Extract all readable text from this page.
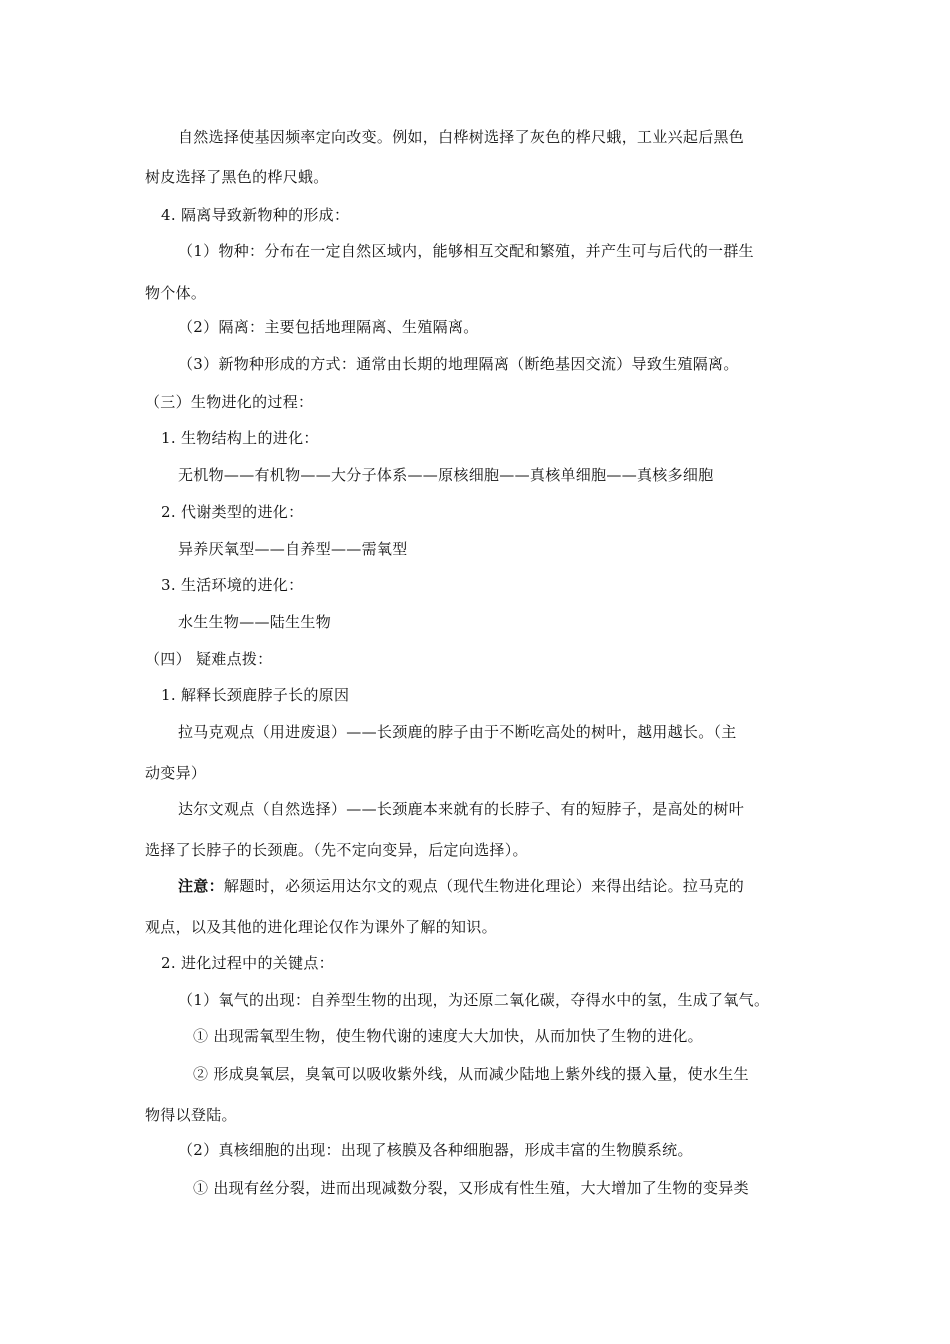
自然选择使基因频率定向改变。例如，白桦树选择了灰色的桦尺蛾，工业兴起后黑色
树皮选择了黑色的桦尺蛾。
4. 隔离导致新物种的形成：
（1）物种：分布在一定自然区域内，能够相互交配和繁殖，并产生可与后代的一群生
物个体。
（2）隔离：主要包括地理隔离、生殖隔离。
（3）新物种形成的方式：通常由长期的地理隔离（断绝基因交流）导致生殖隔离。
（三）生物进化的过程：
1. 生物结构上的进化：
无机物——有机物——大分子体系——原核细胞——真核单细胞——真核多细胞
2. 代谢类型的进化：
异养厌氧型——自养型——需氧型
3. 生活环境的进化：
水生生物——陆生生物
（四） 疑难点拨：
1. 解释长颈鹿脖子长的原因
拉马克观点（用进废退）——长颈鹿的脖子由于不断吃高处的树叶，越用越长。（主
动变异）
达尔文观点（自然选择）——长颈鹿本来就有的长脖子、有的短脖子，是高处的树叶
选择了长脖子的长颈鹿。（先不定向变异，后定向选择）。
注意：解题时，必须运用达尔文的观点（现代生物进化理论）来得出结论。拉马克的
观点，以及其他的进化理论仅作为课外了解的知识。
2. 进化过程中的关键点：
（1）氧气的出现：自养型生物的出现，为还原二氧化碳，夺得水中的氢，生成了氧气。
① 出现需氧型生物，使生物代谢的速度大大加快，从而加快了生物的进化。
② 形成臭氧层，臭氧可以吸收紫外线，从而减少陆地上紫外线的摄入量，使水生生
物得以登陆。
（2）真核细胞的出现：出现了核膜及各种细胞器，形成丰富的生物膜系统。
① 出现有丝分裂，进而出现减数分裂，又形成有性生殖，大大增加了生物的变异类
